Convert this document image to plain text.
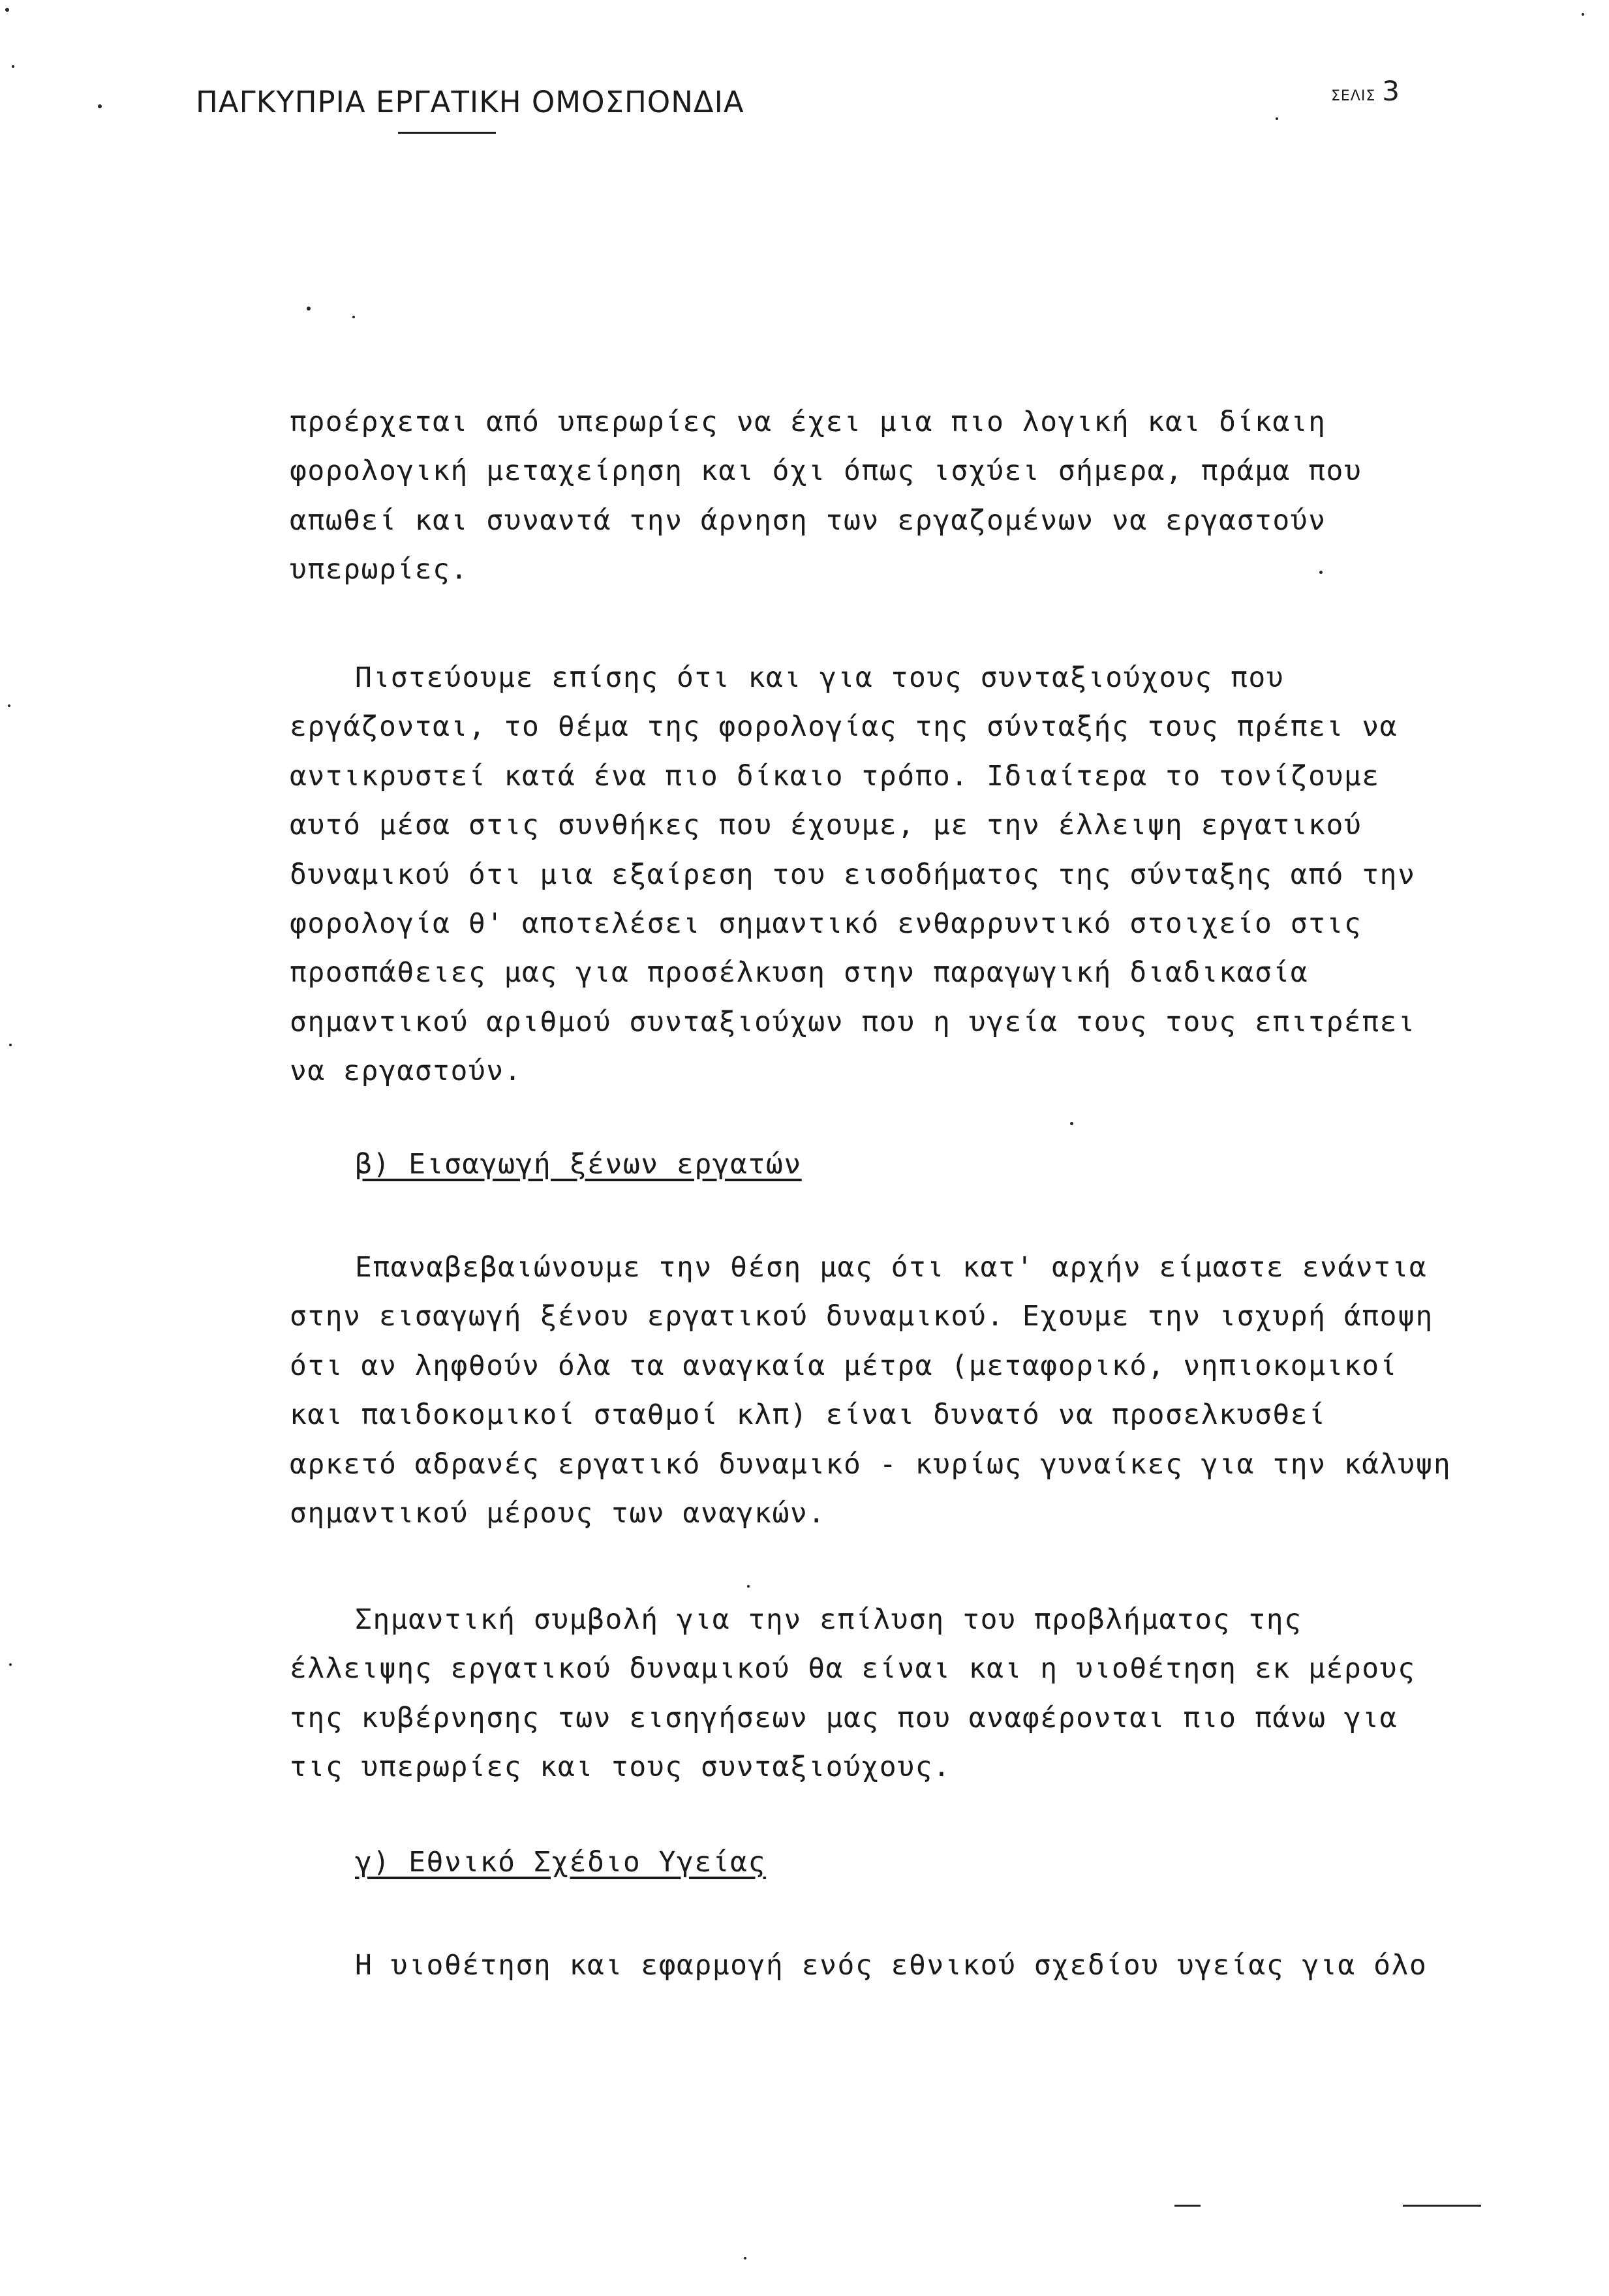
ΠΑΓΚΥΠΡΙΑ ΕΡΓΑΤΙΚΗ ΟΜΟΣΠΟΝΔΙΑ	ΣΕΛΙΣ 3
προέρχεται από υπερωρίες να έχει μια πιο λογική και δίκαιη
φορολογική μεταχείρηση και όχι όπως ισχύει σήμερα, πράμα που
απωθεί και συναντά την άρνηση των εργαζομένων να εργαστούν
υπερωρίες.
Πιστεύουμε επίσης ότι και για τους συνταξιούχους που
εργάζονται, το θέμα της φορολογίας της σύνταξής τους πρέπει να
αντικρυστεί κατά ένα πιο δίκαιο τρόπο. Ιδιαίτερα το τονίζουμε
αυτό μέσα στις συνθήκες που έχουμε, με την έλλειψη εργατικού
δυναμικού ότι μια εξαίρεση του εισοδήματος της σύνταξης από την
φορολογία θ' αποτελέσει σημαντικό ενθαρρυντικό στοιχείο στις
προσπάθειες μας για προσέλκυση στην παραγωγική διαδικασία
σημαντικού αριθμού συνταξιούχων που η υγεία τους τους επιτρέπει
να εργαστούν.
β) Εισαγωγή ξένων εργατών
Επαναβεβαιώνουμε την θέση μας ότι κατ' αρχήν είμαστε ενάντια
στην εισαγωγή ξένου εργατικού δυναμικού. Εχουμε την ισχυρή άποψη
ότι αν ληφθούν όλα τα αναγκαία μέτρα (μεταφορικό, νηπιοκομικοί
και παιδοκομικοί σταθμοί κλπ) είναι δυνατό να προσελκυσθεί
αρκετό αδρανές εργατικό δυναμικό - κυρίως γυναίκες για την κάλυψη
σημαντικού μέρους των αναγκών.
Σημαντική συμβολή για την επίλυση του προβλήματος της
έλλειψης εργατικού δυναμικού θα είναι και η υιοθέτηση εκ μέρους
της κυβέρνησης των εισηγήσεων μας που αναφέρονται πιο πάνω για
τις υπερωρίες και τους συνταξιούχους.
γ) Εθνικό Σχέδιο Υγείας
Η υιοθέτηση και εφαρμογή ενός εθνικού σχεδίου υγείας για όλο
